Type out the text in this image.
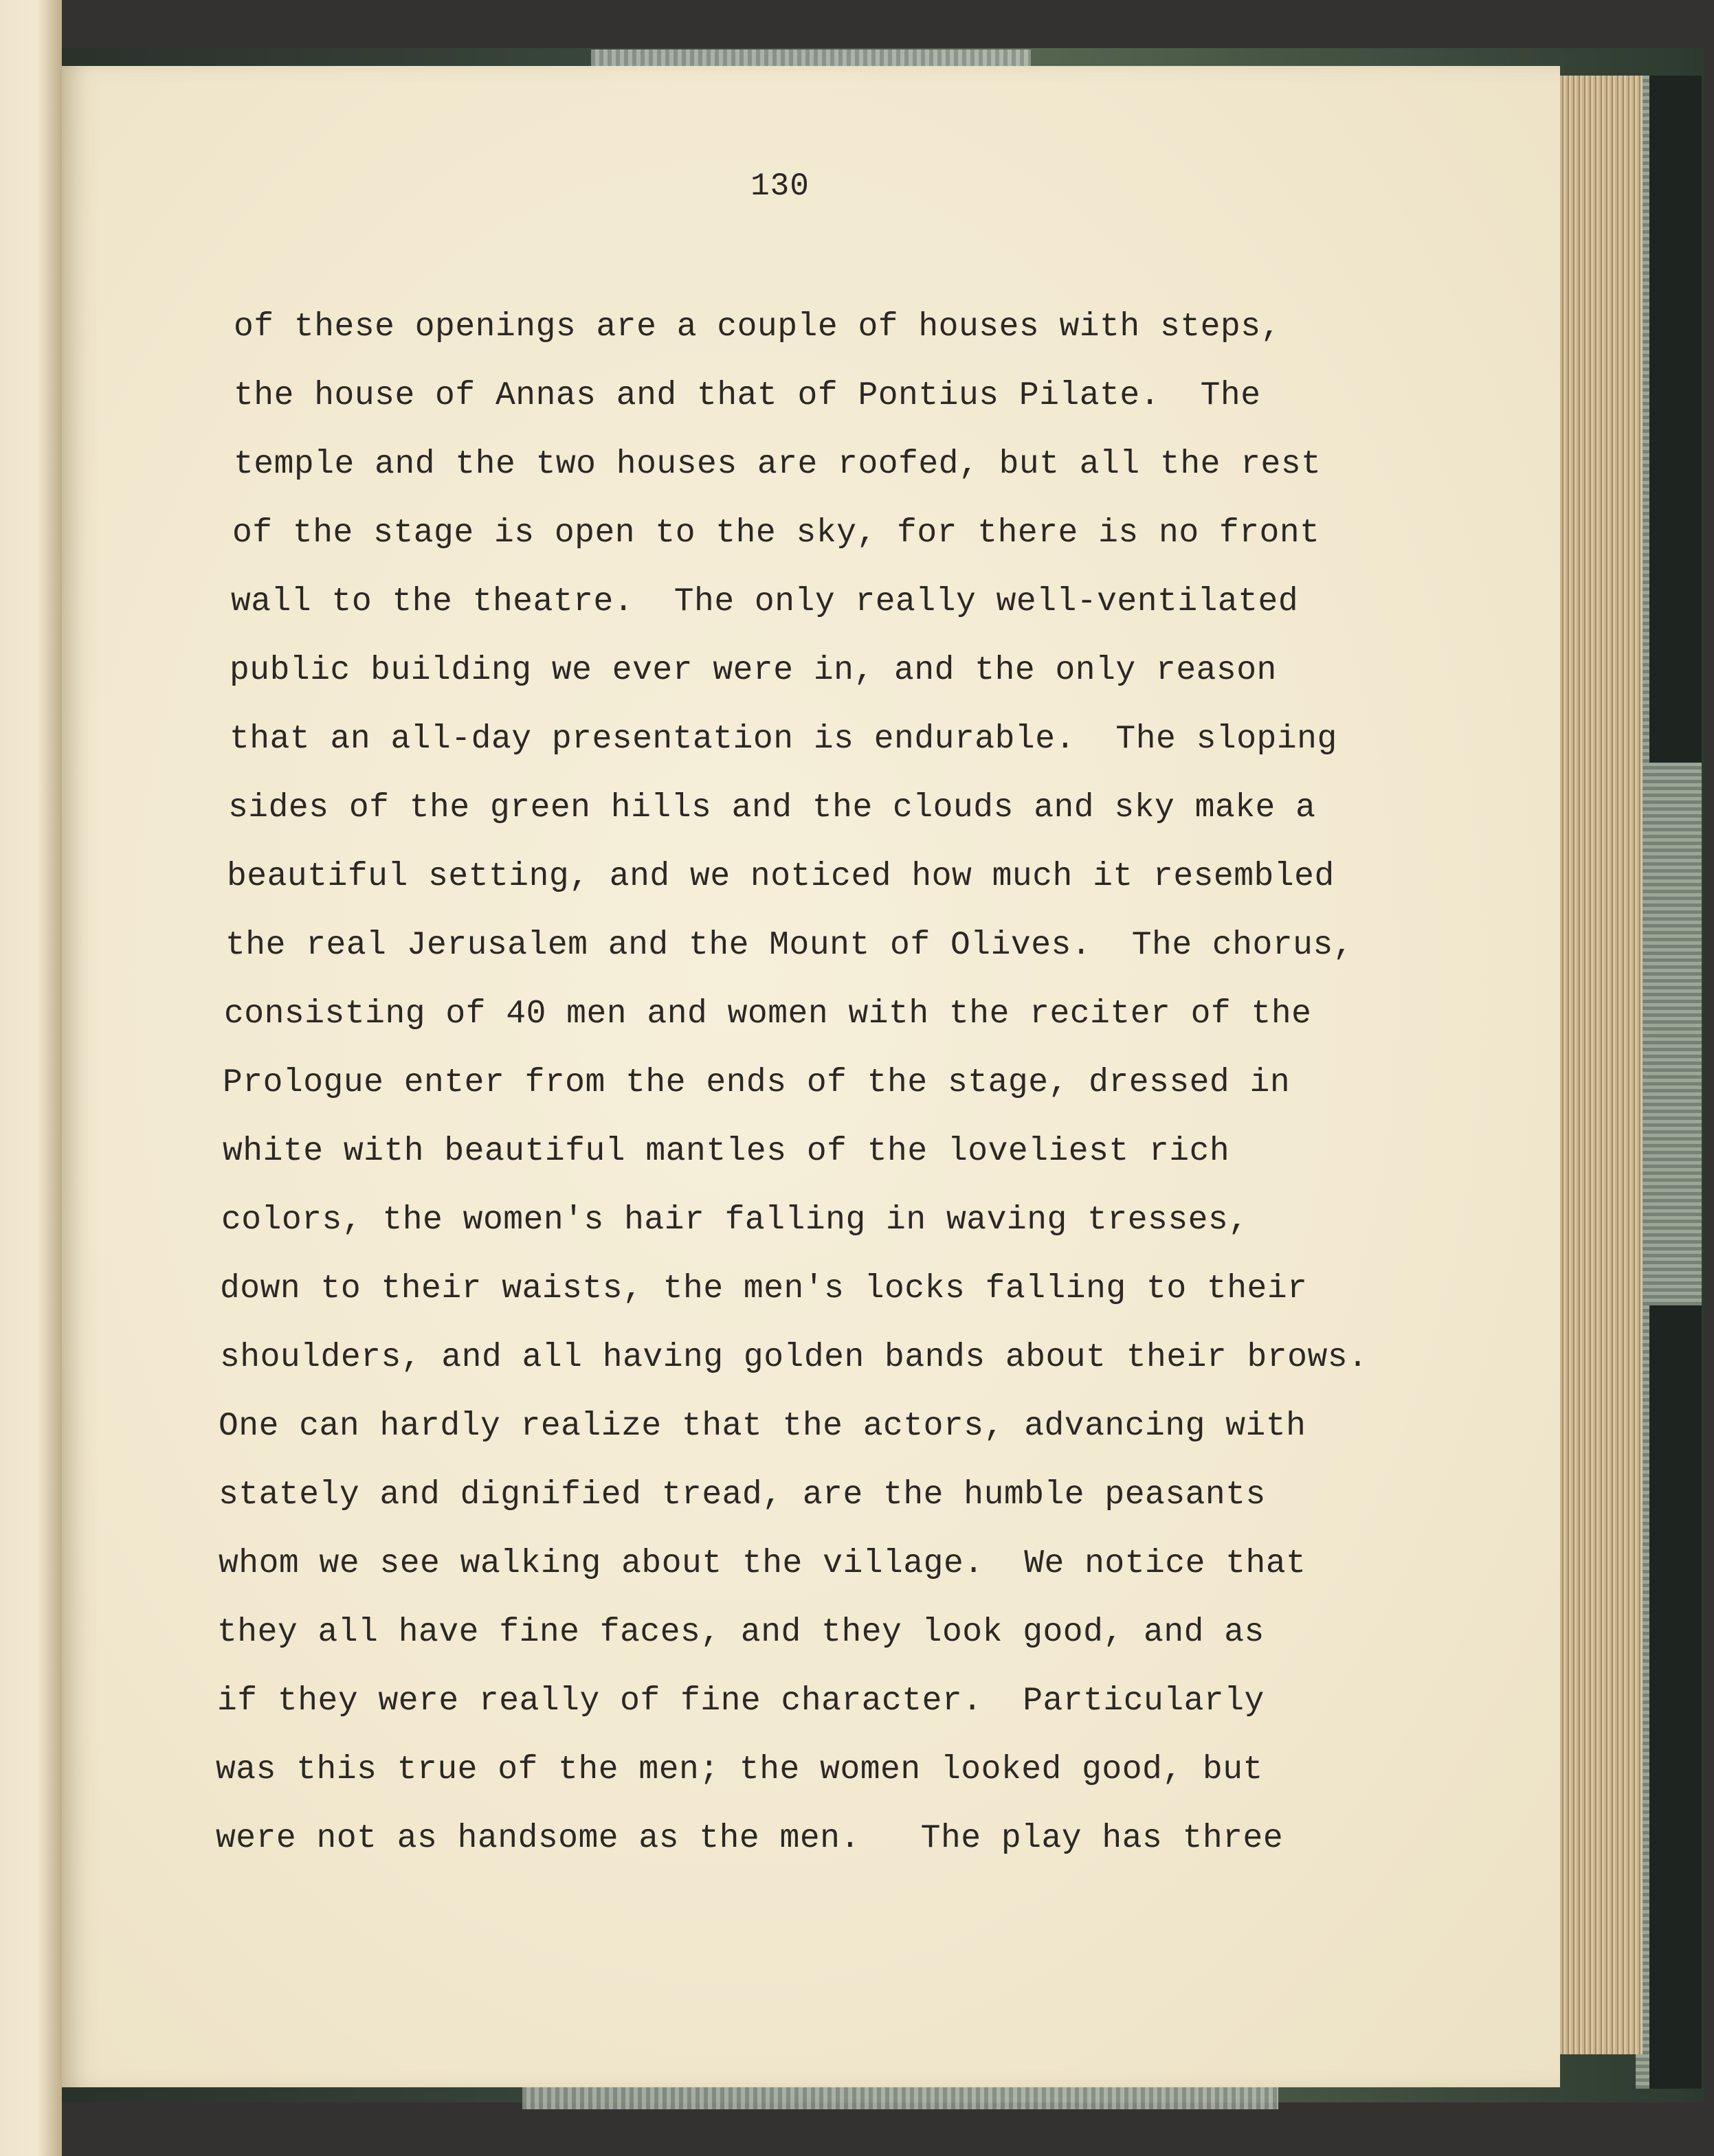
130
of these openings are a couple of houses with steps,
the house of Annas and that of Pontius Pilate.  The
temple and the two houses are roofed, but all the rest
of the stage is open to the sky, for there is no front
wall to the theatre.  The only really well-ventilated
public building we ever were in, and the only reason
that an all-day presentation is endurable.  The sloping
sides of the green hills and the clouds and sky make a
beautiful setting, and we noticed how much it resembled
the real Jerusalem and the Mount of Olives.  The chorus,
consisting of 40 men and women with the reciter of the
Prologue enter from the ends of the stage, dressed in
white with beautiful mantles of the loveliest rich
colors, the women's hair falling in waving tresses,
down to their waists, the men's locks falling to their
shoulders, and all having golden bands about their brows.
One can hardly realize that the actors, advancing with
stately and dignified tread, are the humble peasants
whom we see walking about the village.  We notice that
they all have fine faces, and they look good, and as
if they were really of fine character.  Particularly
was this true of the men; the women looked good, but
were not as handsome as the men.   The play has three
